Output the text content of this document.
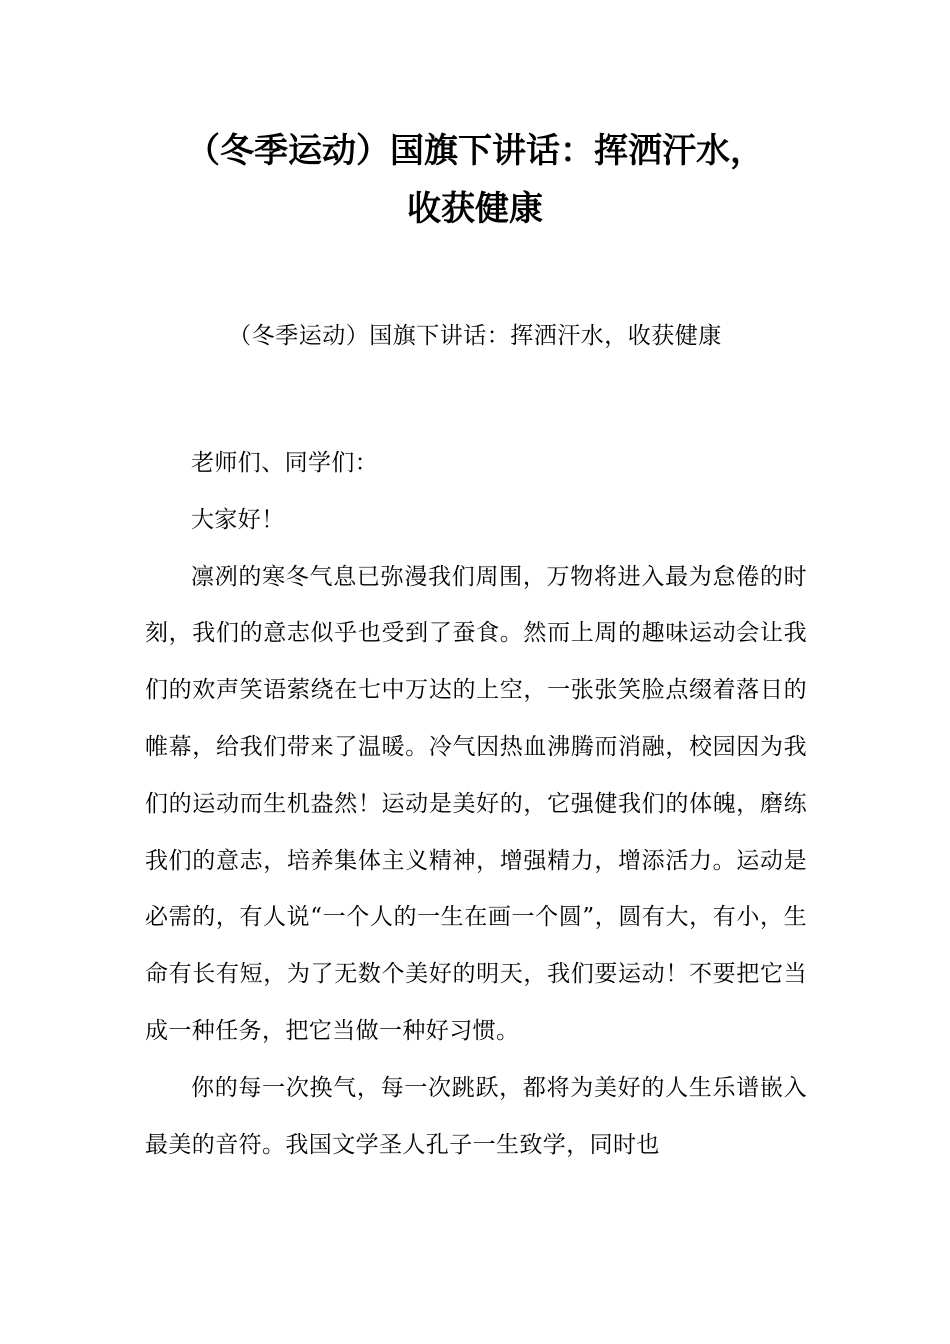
（冬季运动）国旗下讲话：挥洒汗水，
收获健康

（冬季运动）国旗下讲话：挥洒汗水，收获健康

老师们、同学们：

大家好！

凛冽的寒冬气息已弥漫我们周围，万物将进入最为怠倦的时刻，我们的意志似乎也受到了蚕食。然而上周的趣味运动会让我们的欢声笑语萦绕在七中万达的上空，一张张笑脸点缀着落日的帷幕，给我们带来了温暖。冷气因热血沸腾而消融，校园因为我们的运动而生机盎然！运动是美好的，它强健我们的体魄，磨练我们的意志，培养集体主义精神，增强精力，增添活力。运动是必需的，有人说“一个人的一生在画一个圆”，圆有大，有小，生命有长有短，为了无数个美好的明天，我们要运动！不要把它当成一种任务，把它当做一种好习惯。

你的每一次换气，每一次跳跃，都将为美好的人生乐谱嵌入最美的音符。我国文学圣人孔子一生致学，同时也
